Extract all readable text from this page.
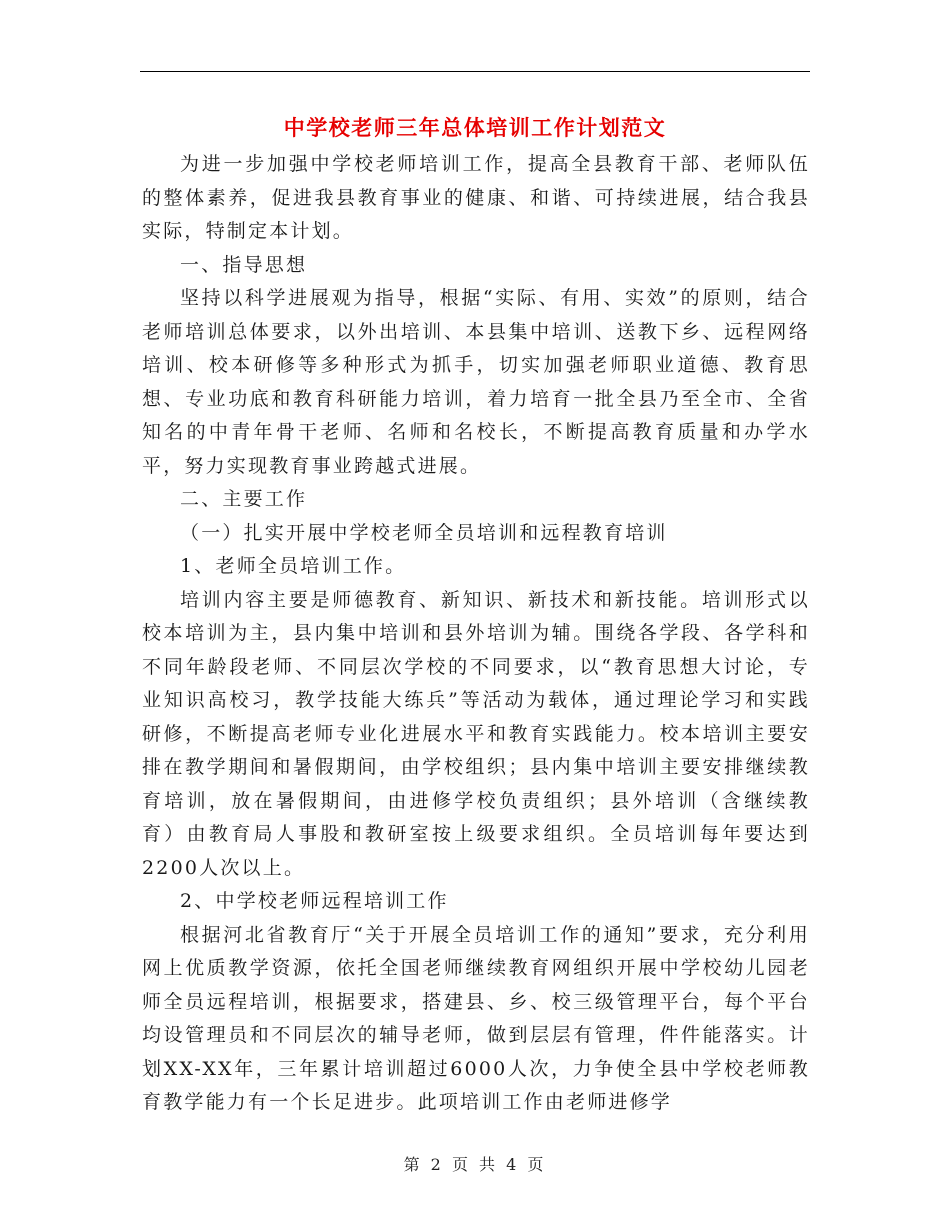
中学校老师三年总体培训工作计划范文

为进一步加强中学校老师培训工作，提高全县教育干部、老师队伍的整体素养，促进我县教育事业的健康、和谐、可持续进展，结合我县实际，特制定本计划。

一、指导思想

坚持以科学进展观为指导，根据“实际、有用、实效”的原则，结合老师培训总体要求，以外出培训、本县集中培训、送教下乡、远程网络培训、校本研修等多种形式为抓手，切实加强老师职业道德、教育思想、专业功底和教育科研能力培训，着力培育一批全县乃至全市、全省知名的中青年骨干老师、名师和名校长，不断提高教育质量和办学水平，努力实现教育事业跨越式进展。

二、主要工作

（一）扎实开展中学校老师全员培训和远程教育培训

1、老师全员培训工作。

培训内容主要是师德教育、新知识、新技术和新技能。培训形式以校本培训为主，县内集中培训和县外培训为辅。围绕各学段、各学科和不同年龄段老师、不同层次学校的不同要求，以“教育思想大讨论，专业知识高校习，教学技能大练兵”等活动为载体，通过理论学习和实践研修，不断提高老师专业化进展水平和教育实践能力。校本培训主要安排在教学期间和暑假期间，由学校组织；县内集中培训主要安排继续教育培训，放在暑假期间，由进修学校负责组织；县外培训（含继续教育）由教育局人事股和教研室按上级要求组织。全员培训每年要达到2200人次以上。

2、中学校老师远程培训工作

根据河北省教育厅“关于开展全员培训工作的通知”要求，充分利用网上优质教学资源，依托全国老师继续教育网组织开展中学校幼儿园老师全员远程培训，根据要求，搭建县、乡、校三级管理平台，每个平台均设管理员和不同层次的辅导老师，做到层层有管理，件件能落实。计划XX-XX年，三年累计培训超过6000人次，力争使全县中学校老师教育教学能力有一个长足进步。此项培训工作由老师进修学

第 2 页 共 4 页
